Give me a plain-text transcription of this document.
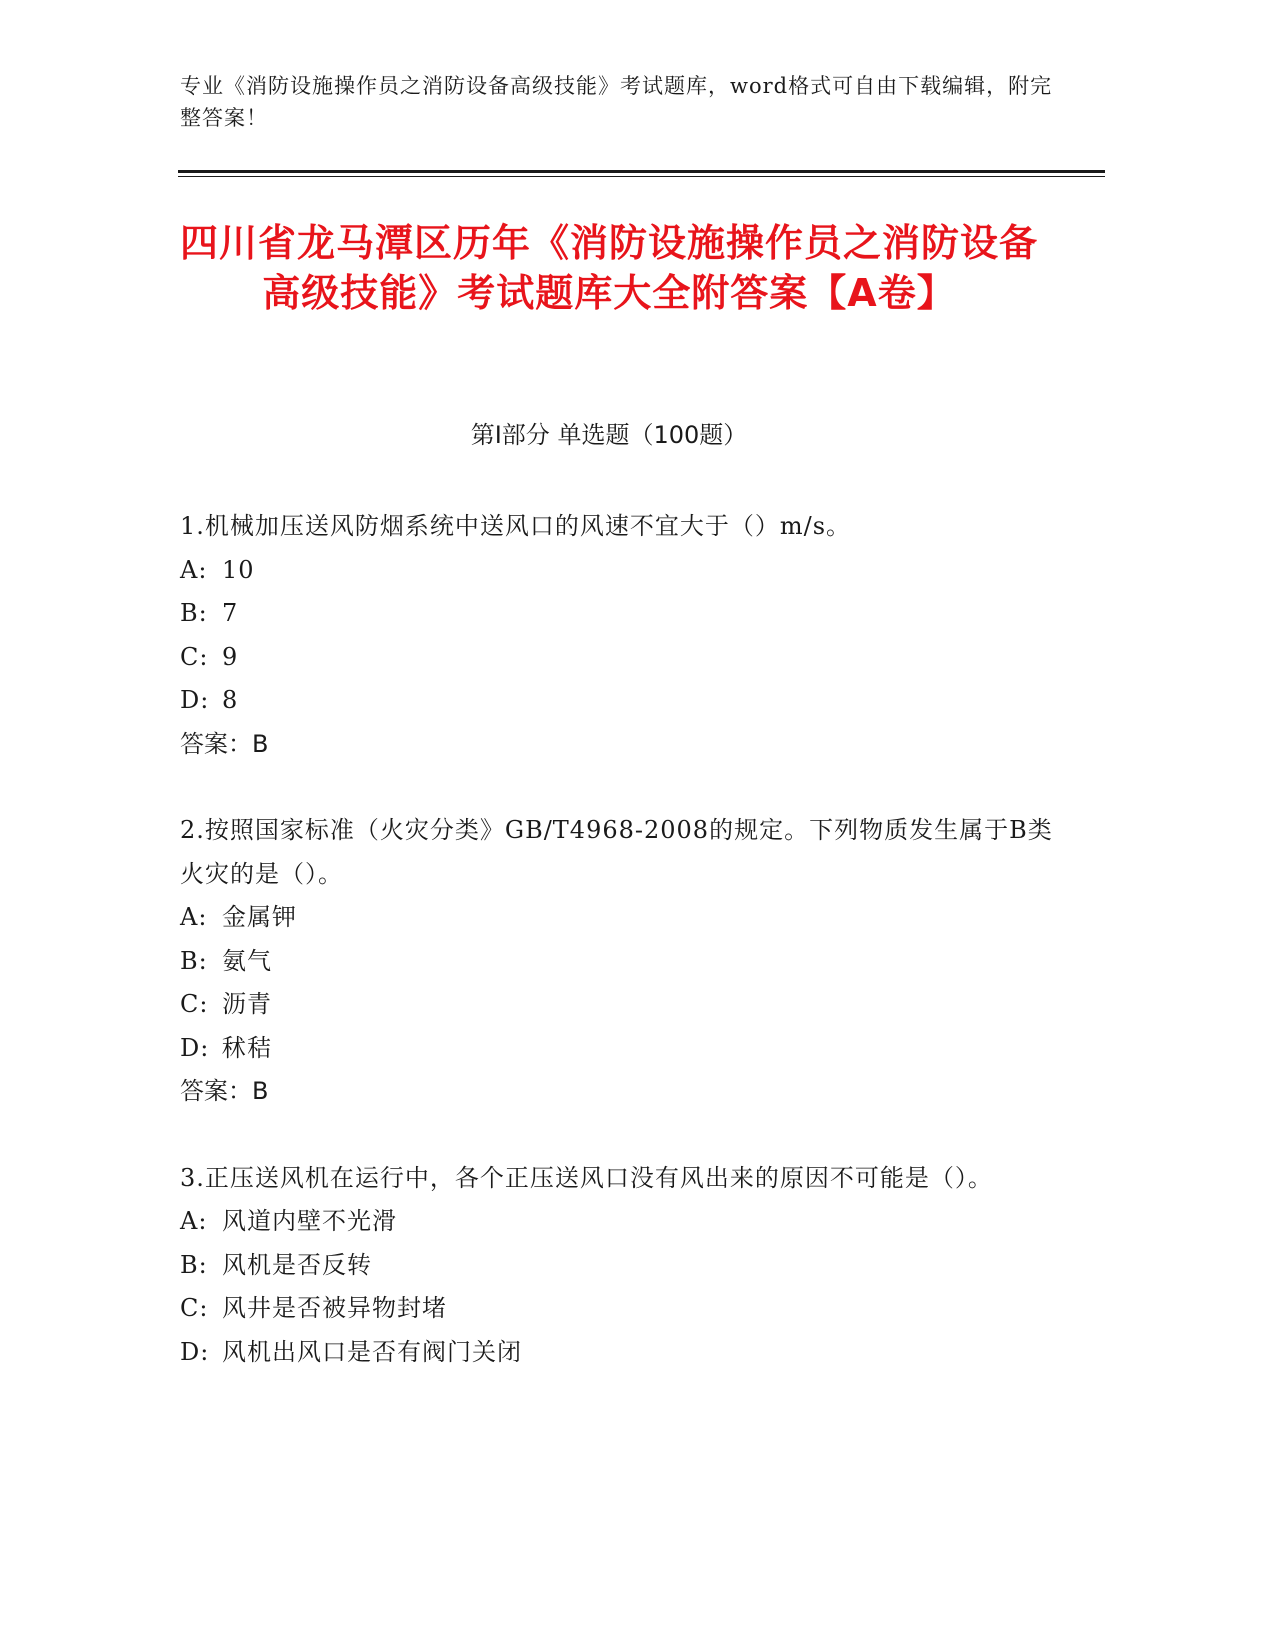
专业《消防设施操作员之消防设备高级技能》考试题库，word格式可自由下载编辑，附完整答案！
四川省龙马潭区历年《消防设施操作员之消防设备高级技能》考试题库大全附答案【A卷】
第I部分 单选题（100题）

1.机械加压送风防烟系统中送风口的风速不宜大于（）m/s。

A: 10

B: 7

C: 9

D: 8

答案：B

2.按照国家标准（火灾分类》GB/T4968-2008的规定。下列物质发生属于B类火灾的是（）。

A: 金属钾

B: 氨气

C: 沥青

D: 秫秸

答案：B

3.正压送风机在运行中，各个正压送风口没有风出来的原因不可能是（）。

A: 风道内壁不光滑

B: 风机是否反转

C: 风井是否被异物封堵

D: 风机出风口是否有阀门关闭
